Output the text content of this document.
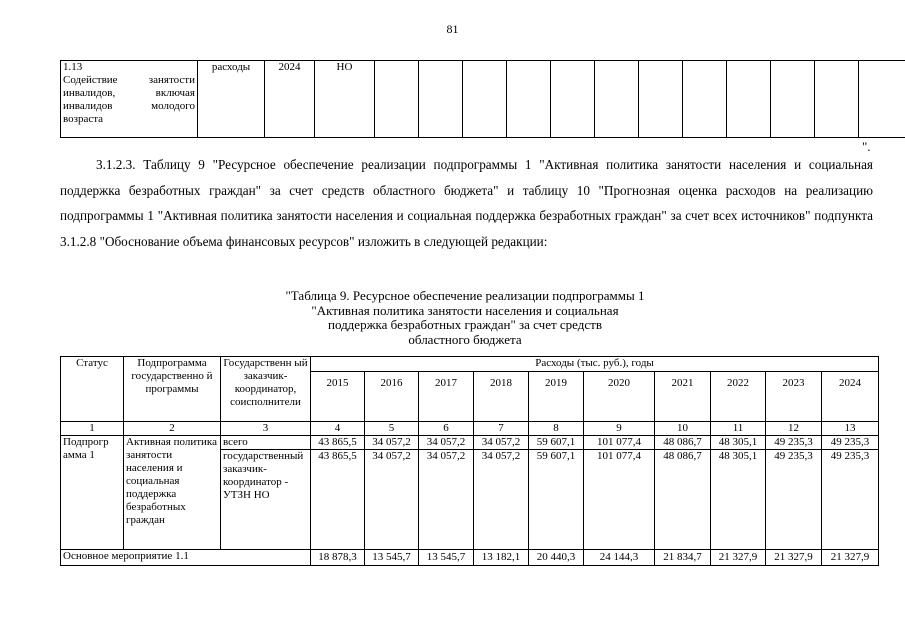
81
1.13
Содействие занятости
инвалидов, включая
инвалидов молодого
возраста
	расходы	2024	НО												
".
3.1.2.3. Таблицу 9 "Ресурсное обеспечение реализации подпрограммы 1 "Активная политика занятости населения и социальная поддержка безработных граждан" за счет средств областного бюджета" и таблицу 10 "Прогнозная оценка расходов на реализацию подпрограммы 1 "Активная политика занятости населения и социальная поддержка безработных граждан" за счет всех источников" подпункта 3.1.2.8 "Обоснование объема финансовых ресурсов" изложить в следующей редакции:
"Таблица 9. Ресурсное обеспечение реализации подпрограммы 1
"Активная политика занятости населения и социальная
поддержка безработных граждан" за счет средств
областного бюджета
Статус	Подпрограмма государственно й программы	Государственн ый заказчик-координатор, соисполнители	Расходы (тыс. руб.), годы									
			2015	2016	2017	2018	2019	2020	2021	2022	2023	2024
1	2	3	4	5	6	7	8	9	10	11	12	13
Подпрогр амма 1	Активная политика занятости населения и социальная поддержка безработных граждан	всего	43 865,5	34 057,2	34 057,2	34 057,2	59 607,1	101 077,4	48 086,7	48 305,1	49 235,3	49 235,3
		государственный заказчик-координатор - УТЗН НО	43 865,5	34 057,2	34 057,2	34 057,2	59 607,1	101 077,4	48 086,7	48 305,1	49 235,3	49 235,3
Основное мероприятие 1.1			18 878,3	13 545,7	13 545,7	13 182,1	20 440,3	24 144,3	21 834,7	21 327,9	21 327,9	21 327,9
